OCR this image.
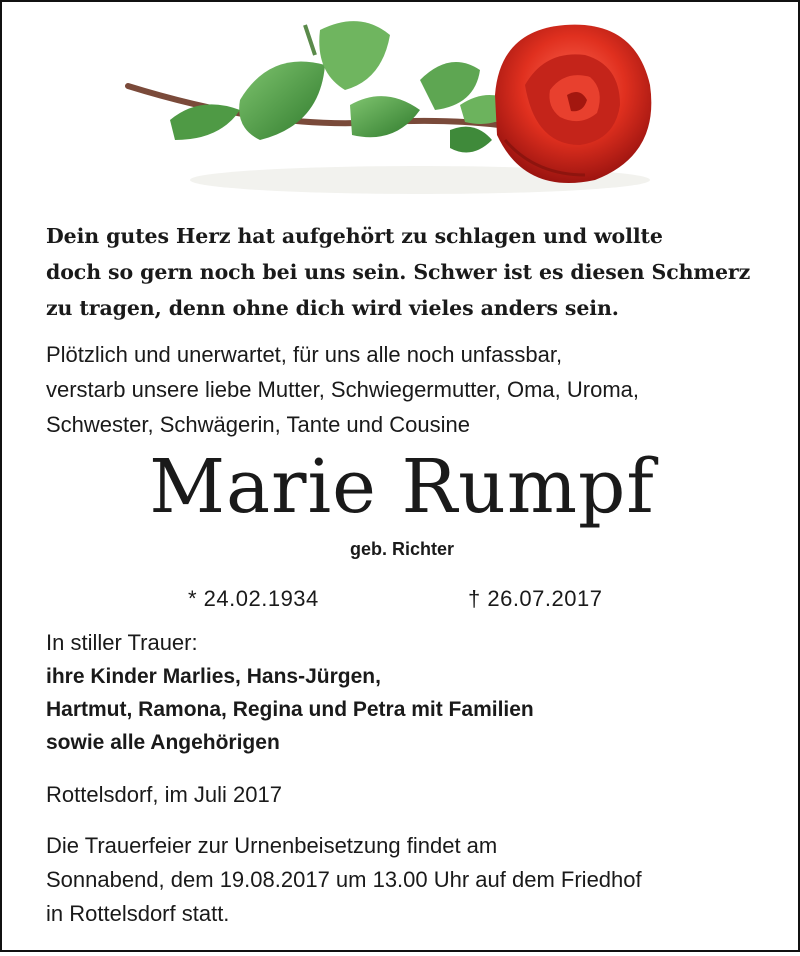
Dein gutes Herz hat aufgehört zu schlagen und wollte
doch so gern noch bei uns sein. Schwer ist es diesen Schmerz
zu tragen, denn ohne dich wird vieles anders sein.
Plötzlich und unerwartet, für uns alle noch unfassbar,
verstarb unsere liebe Mutter, Schwiegermutter, Oma, Uroma,
Schwester, Schwägerin, Tante und Cousine
Marie Rumpf
geb. Richter
* 24.02.1934	† 26.07.2017
In stiller Trauer:
ihre Kinder Marlies, Hans-Jürgen,
Hartmut, Ramona, Regina und Petra mit Familien
sowie alle Angehörigen
Rottelsdorf, im Juli 2017
Die Trauerfeier zur Urnenbeisetzung findet am
Sonnabend, dem 19.08.2017 um 13.00 Uhr auf dem Friedhof
in Rottelsdorf statt.
